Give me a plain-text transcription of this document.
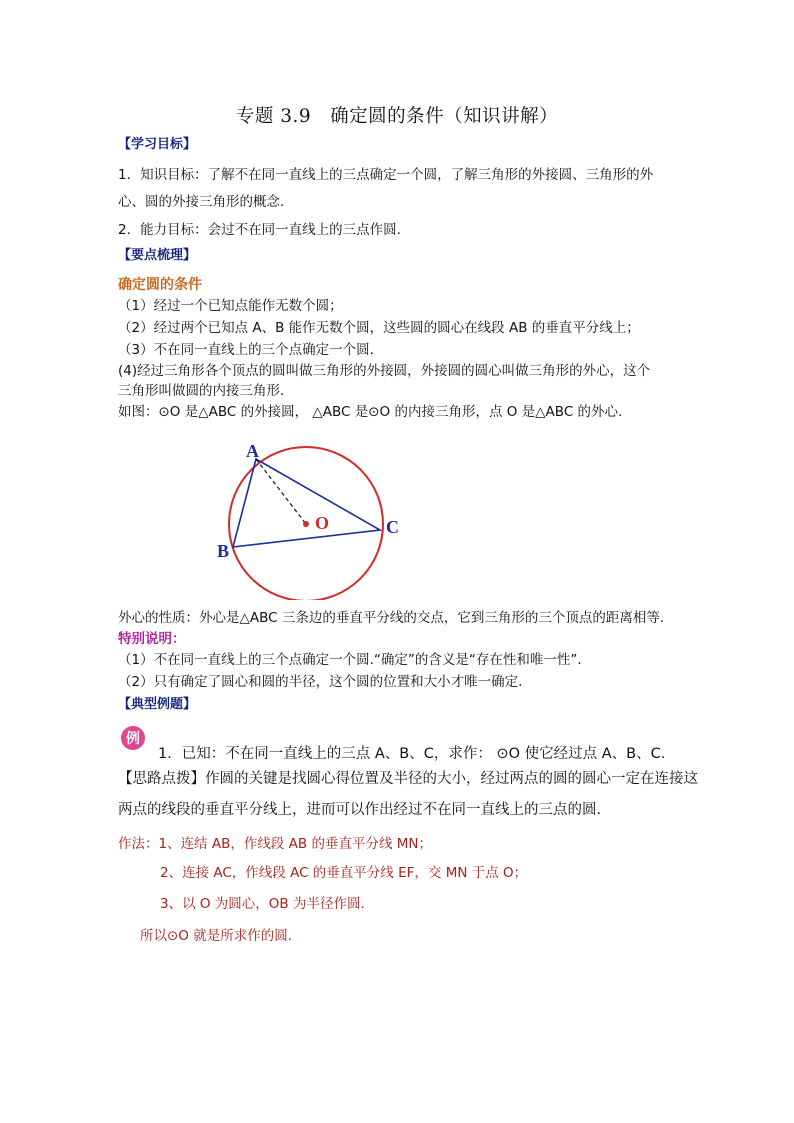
专题 3.9　确定圆的条件（知识讲解）
【学习目标】
1．知识目标：了解不在同一直线上的三点确定一个圆，了解三角形的外接圆、三角形的外
心、圆的外接三角形的概念.
2．能力目标：会过不在同一直线上的三点作圆.
【要点梳理】
确定圆的条件
（1）经过一个已知点能作无数个圆；
（2）经过两个已知点 A、B 能作无数个圆，这些圆的圆心在线段 AB 的垂直平分线上；
（3）不在同一直线上的三个点确定一个圆.
(4)经过三角形各个顶点的圆叫做三角形的外接圆，外接圆的圆心叫做三角形的外心，这个
三角形叫做圆的内接三角形.
如图：⊙O 是△ABC 的外接圆， △ABC 是⊙O 的内接三角形，点 O 是△ABC 的外心.
A
B
C
O
外心的性质：外心是△ABC 三条边的垂直平分线的交点，它到三角形的三个顶点的距离相等.
特别说明：
（1）不在同一直线上的三个点确定一个圆.“确定”的含义是“存在性和唯一性”.
（2）只有确定了圆心和圆的半径，这个圆的位置和大小才唯一确定.
【典型例题】
例
1．已知：不在同一直线上的三点 A、B、C，求作： ⊙O 使它经过点 A、B、C.
【思路点拨】作圆的关键是找圆心得位置及半径的大小，经过两点的圆的圆心一定在连接这
两点的线段的垂直平分线上，进而可以作出经过不在同一直线上的三点的圆.
作法：1、连结 AB，作线段 AB 的垂直平分线 MN；
2、连接 AC，作线段 AC 的垂直平分线 EF，交 MN 于点 O；
3、以 O 为圆心，OB 为半径作圆.
所以⊙O 就是所求作的圆.
